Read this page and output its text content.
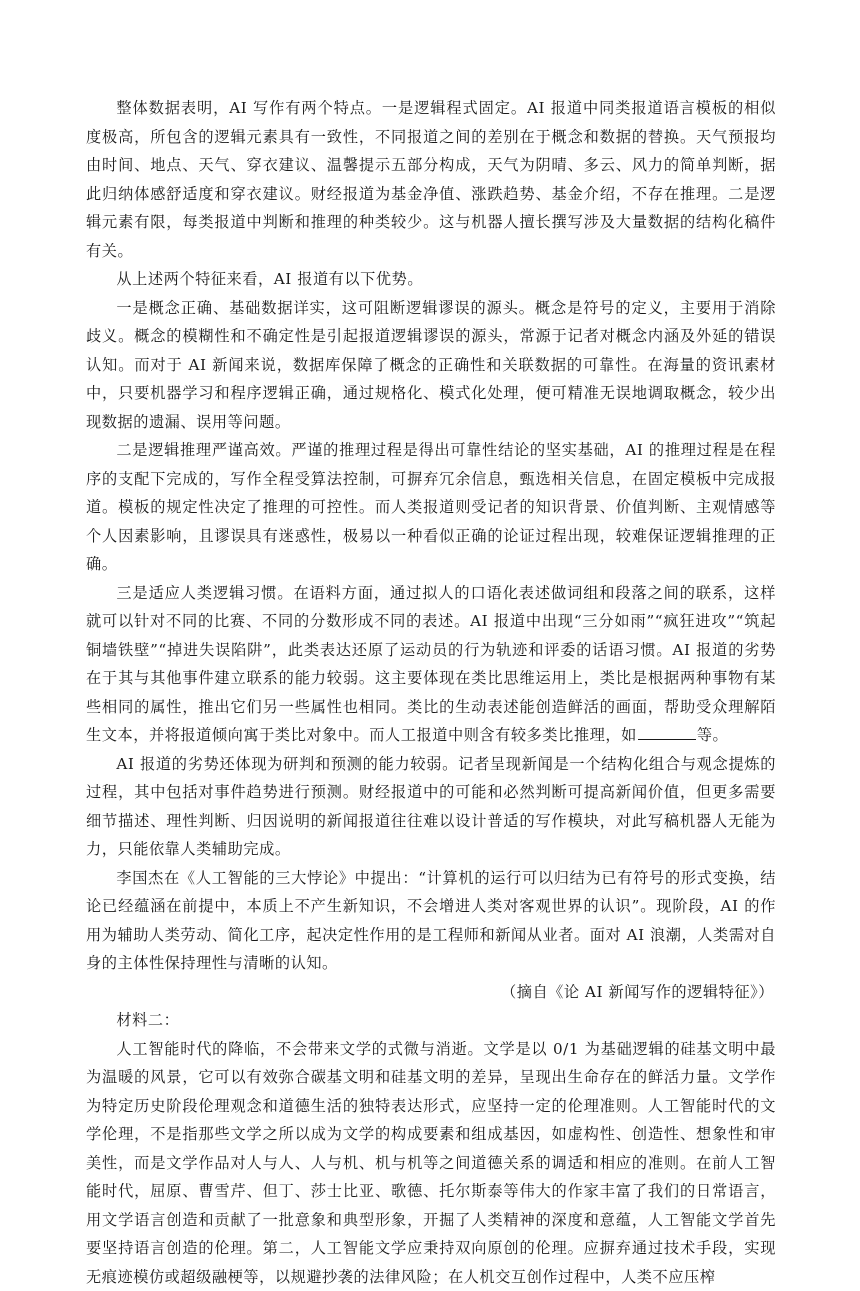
整体数据表明，AI 写作有两个特点。一是逻辑程式固定。AI 报道中同类报道语言模板的相似度极高，所包含的逻辑元素具有一致性，不同报道之间的差别在于概念和数据的替换。天气预报均由时间、地点、天气、穿衣建议、温馨提示五部分构成，天气为阴晴、多云、风力的简单判断，据此归纳体感舒适度和穿衣建议。财经报道为基金净值、涨跌趋势、基金介绍，不存在推理。二是逻辑元素有限，每类报道中判断和推理的种类较少。这与机器人擅长撰写涉及大量数据的结构化稿件有关。

从上述两个特征来看，AI 报道有以下优势。

一是概念正确、基础数据详实，这可阻断逻辑谬误的源头。概念是符号的定义，主要用于消除歧义。概念的模糊性和不确定性是引起报道逻辑谬误的源头，常源于记者对概念内涵及外延的错误认知。而对于 AI 新闻来说，数据库保障了概念的正确性和关联数据的可靠性。在海量的资讯素材中，只要机器学习和程序逻辑正确，通过规格化、模式化处理，便可精准无误地调取概念，较少出现数据的遗漏、误用等问题。

二是逻辑推理严谨高效。严谨的推理过程是得出可靠性结论的坚实基础，AI 的推理过程是在程序的支配下完成的，写作全程受算法控制，可摒弃冗余信息，甄选相关信息，在固定模板中完成报道。模板的规定性决定了推理的可控性。而人类报道则受记者的知识背景、价值判断、主观情感等个人因素影响，且谬误具有迷惑性，极易以一种看似正确的论证过程出现，较难保证逻辑推理的正确。

三是适应人类逻辑习惯。在语料方面，通过拟人的口语化表述做词组和段落之间的联系，这样就可以针对不同的比赛、不同的分数形成不同的表述。AI 报道中出现“三分如雨”“疯狂进攻”“筑起铜墙铁壁”“掉进失误陷阱”，此类表达还原了运动员的行为轨迹和评委的话语习惯。AI 报道的劣势在于其与其他事件建立联系的能力较弱。这主要体现在类比思维运用上，类比是根据两种事物有某些相同的属性，推出它们另一些属性也相同。类比的生动表述能创造鲜活的画面，帮助受众理解陌生文本，并将报道倾向寓于类比对象中。而人工报道中则含有较多类比推理，如	等。

AI 报道的劣势还体现为研判和预测的能力较弱。记者呈现新闻是一个结构化组合与观念提炼的过程，其中包括对事件趋势进行预测。财经报道中的可能和必然判断可提高新闻价值，但更多需要细节描述、理性判断、归因说明的新闻报道往往难以设计普适的写作模块，对此写稿机器人无能为力，只能依靠人类辅助完成。

李国杰在《人工智能的三大悖论》中提出：“计算机的运行可以归结为已有符号的形式变换，结论已经蕴涵在前提中，本质上不产生新知识，不会增进人类对客观世界的认识”。现阶段，AI 的作用为辅助人类劳动、简化工序，起决定性作用的是工程师和新闻从业者。面对 AI 浪潮，人类需对自身的主体性保持理性与清晰的认知。

（摘自《论 AI 新闻写作的逻辑特征》）

材料二：

人工智能时代的降临，不会带来文学的式微与消逝。文学是以 0/1 为基础逻辑的硅基文明中最为温暖的风景，它可以有效弥合碳基文明和硅基文明的差异，呈现出生命存在的鲜活力量。文学作为特定历史阶段伦理观念和道德生活的独特表达形式，应坚持一定的伦理准则。人工智能时代的文学伦理，不是指那些文学之所以成为文学的构成要素和组成基因，如虚构性、创造性、想象性和审美性，而是文学作品对人与人、人与机、机与机等之间道德关系的调适和相应的准则。在前人工智能时代，屈原、曹雪芹、但丁、莎士比亚、歌德、托尔斯泰等伟大的作家丰富了我们的日常语言，用文学语言创造和贡献了一批意象和典型形象，开掘了人类精神的深度和意蕴，人工智能文学首先要坚持语言创造的伦理。第二，人工智能文学应秉持双向原创的伦理。应摒弃通过技术手段，实现无痕迹模仿或超级融梗等，以规避抄袭的法律风险；在人机交互创作过程中，人类不应压榨
